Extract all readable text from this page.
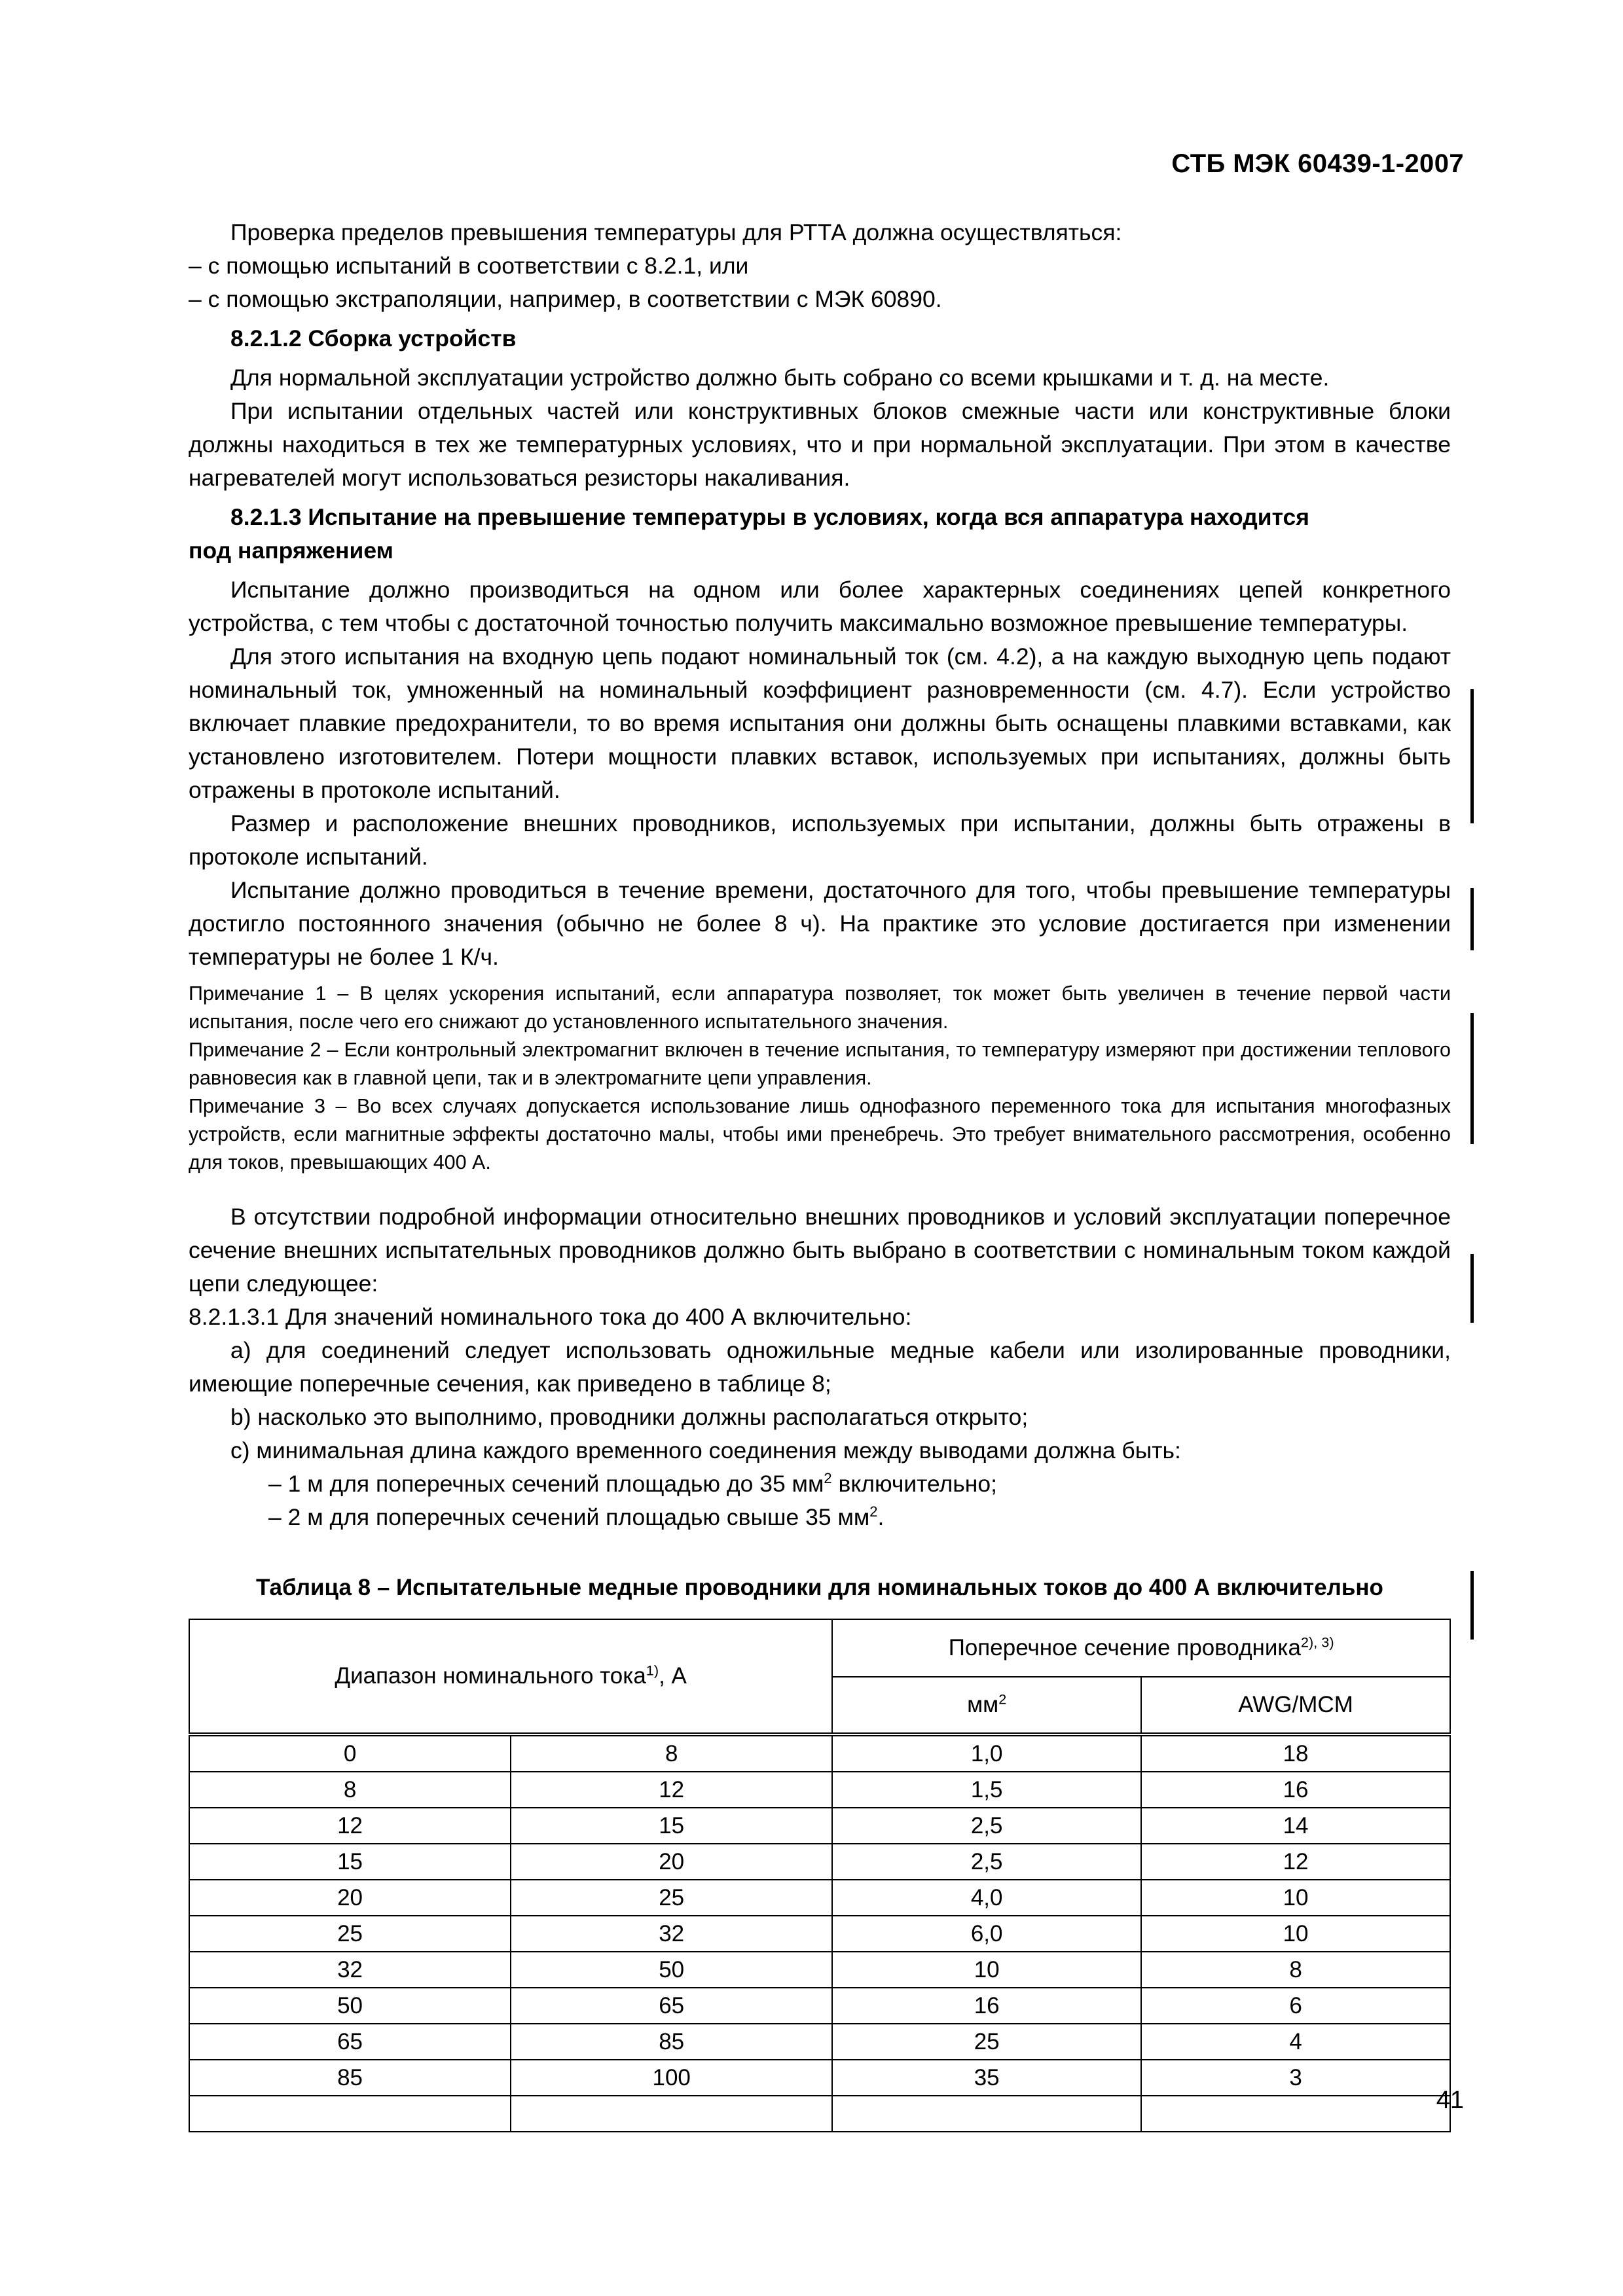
СТБ МЭК 60439-1-2007

Проверка пределов превышения температуры для РТТА должна осуществляться:

– с помощью испытаний в соответствии с 8.2.1, или

– с помощью экстраполяции, например, в соответствии с МЭК 60890.

8.2.1.2 Сборка устройств

Для нормальной эксплуатации устройство должно быть собрано со всеми крышками и т. д. на месте.

При испытании отдельных частей или конструктивных блоков смежные части или конструктивные блоки должны находиться в тех же температурных условиях, что и при нормальной эксплуатации. При этом в качестве нагревателей могут использоваться резисторы накаливания.

8.2.1.3 Испытание на превышение температуры в условиях, когда вся аппаратура находится

под напряжением

Испытание должно производиться на одном или более характерных соединениях цепей конкретного устройства, с тем чтобы с достаточной точностью получить максимально возможное превышение температуры.

Для этого испытания на входную цепь подают номинальный ток (см. 4.2), а на каждую выходную цепь подают номинальный ток, умноженный на номинальный коэффициент разновременности (см. 4.7). Если устройство включает плавкие предохранители, то во время испытания они должны быть оснащены плавкими вставками, как установлено изготовителем. Потери мощности плавких вставок, используемых при испытаниях, должны быть отражены в протоколе испытаний.

Размер и расположение внешних проводников, используемых при испытании, должны быть отражены в протоколе испытаний.

Испытание должно проводиться в течение времени, достаточного для того, чтобы превышение температуры достигло постоянного значения (обычно не более 8 ч). На практике это условие достигается при изменении температуры не более 1 К/ч.

Примечание 1 – В целях ускорения испытаний, если аппаратура позволяет, ток может быть увеличен в течение первой части испытания, после чего его снижают до установленного испытательного значения.

Примечание 2 – Если контрольный электромагнит включен в течение испытания, то температуру измеряют при достижении теплового равновесия как в главной цепи, так и в электромагните цепи управления.

Примечание 3 – Во всех случаях допускается использование лишь однофазного переменного тока для испытания многофазных устройств, если магнитные эффекты достаточно малы, чтобы ими пренебречь. Это требует внимательного рассмотрения, особенно для токов, превышающих 400 А.

В отсутствии подробной информации относительно внешних проводников и условий эксплуатации поперечное сечение внешних испытательных проводников должно быть выбрано в соответствии с номинальным током каждой цепи следующее:

8.2.1.3.1 Для значений номинального тока до 400 А включительно:

a) для соединений следует использовать одножильные медные кабели или изолированные проводники, имеющие поперечные сечения, как приведено в таблице 8;

b) насколько это выполнимо, проводники должны располагаться открыто;

c) минимальная длина каждого временного соединения между выводами должна быть:

– 1 м для поперечных сечений площадью до 35 $мм^2$ включительно;

– 2 м для поперечных сечений площадью свыше 35 $мм^2$.

Таблица 8 – Испытательные медные проводники для номинальных токов до 400 А включительно

Диапазон номинального тока$^{1)}$, А		Поперечное сечение проводника$^{2), 3)}$
		$мм^2$	AWG/MCM
0	8	1,0	18
8	12	1,5	16
12	15	2,5	14
15	20	2,5	12
20	25	4,0	10
25	32	6,0	10
32	50	10	8
50	65	16	6
65	85	25	4
85	100	35	3

41
